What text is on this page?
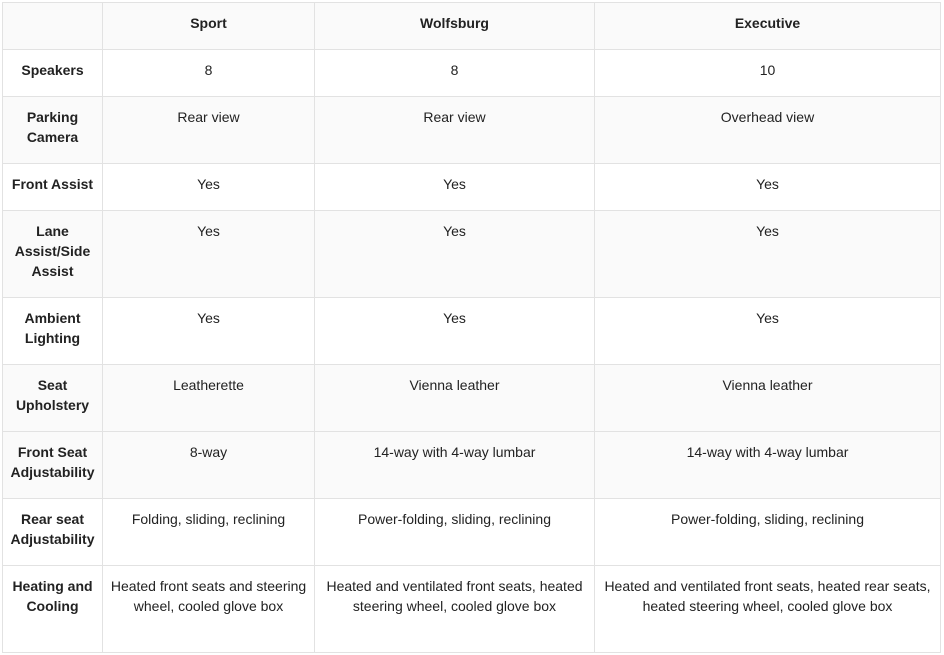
	Sport	Wolfsburg	Executive
Speakers	8	8	10
Parking Camera	Rear view	Rear view	Overhead view
Front Assist	Yes	Yes	Yes
Lane Assist/Side Assist	Yes	Yes	Yes
Ambient Lighting	Yes	Yes	Yes
Seat Upholstery	Leatherette	Vienna leather	Vienna leather
Front Seat Adjustability	8-way	14-way with 4-way lumbar	14-way with 4-way lumbar
Rear seat Adjustability	Folding, sliding, reclining	Power-folding, sliding, reclining	Power-folding, sliding, reclining
Heating and Cooling	Heated front seats and steering wheel, cooled glove box	Heated and ventilated front seats, heated steering wheel, cooled glove box	Heated and ventilated front seats, heated rear seats, heated steering wheel, cooled glove box
